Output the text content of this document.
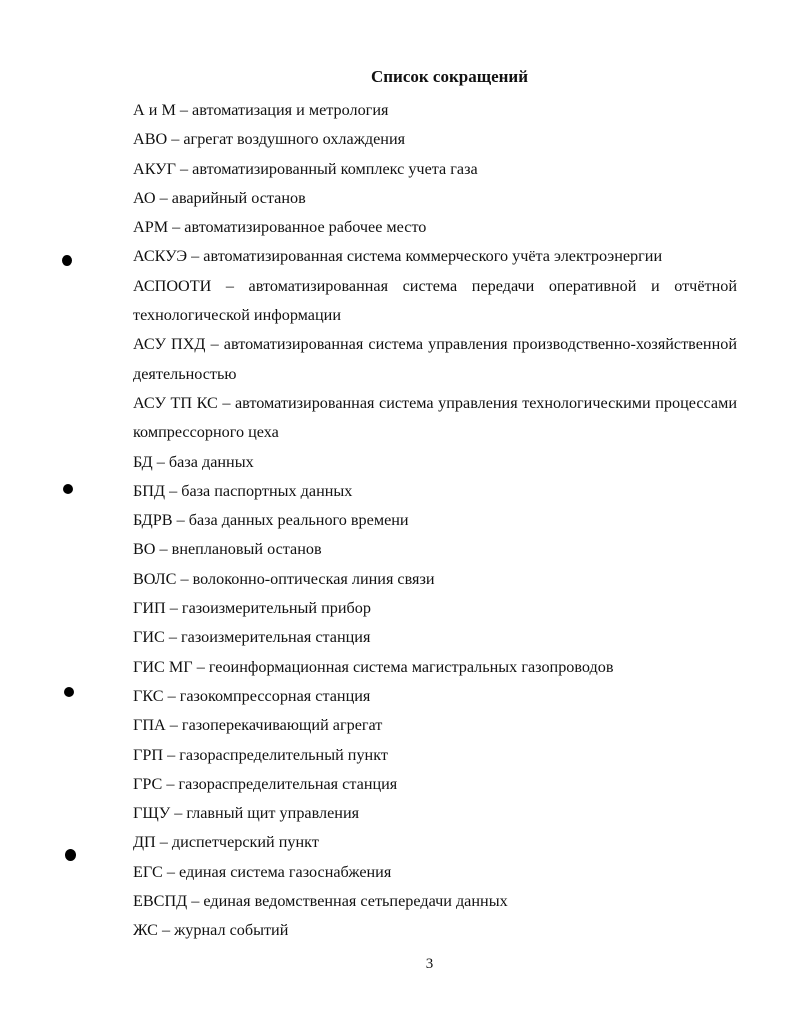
Список сокращений
А и М – автоматизация и метрология
АВО – агрегат воздушного охлаждения
АКУГ – автоматизированный комплекс учета газа
АО – аварийный останов
АРМ – автоматизированное рабочее место
АСКУЭ – автоматизированная система коммерческого учёта электроэнергии
АСПООТИ – автоматизированная система передачи оперативной и отчётной технологической информации
АСУ ПХД – автоматизированная система управления производственно-хозяйственной деятельностью
АСУ ТП КС – автоматизированная система управления технологическими процессами компрессорного цеха
БД – база данных
БПД – база паспортных данных
БДРВ – база данных реального времени
ВО – внеплановый останов
ВОЛС – волоконно-оптическая линия связи
ГИП – газоизмерительный прибор
ГИС – газоизмерительная станция
ГИС МГ – геоинформационная система магистральных газопроводов
ГКС – газокомпрессорная станция
ГПА – газоперекачивающий агрегат
ГРП – газораспределительный пункт
ГРС – газораспределительная станция
ГЩУ – главный щит управления
ДП – диспетчерский пункт
ЕГС – единая система газоснабжения
ЕВСПД – единая ведомственная сетьпередачи данных
ЖС – журнал событий
3
